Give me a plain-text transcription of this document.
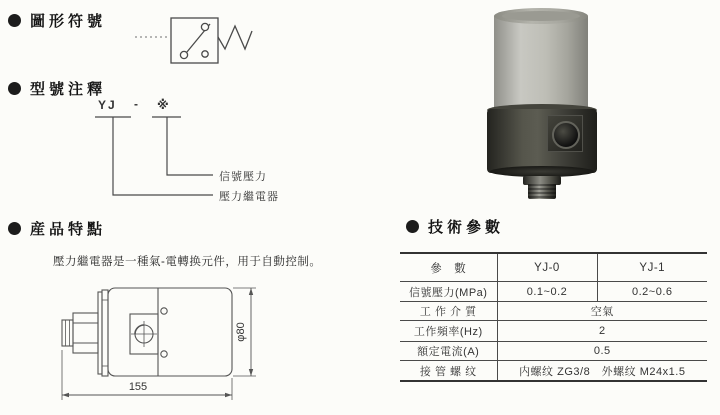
圖形符號
型號注釋
YJ - ※
信號壓力
壓力繼電器
産品特點
壓力繼電器是一種氣-電轉换元件，用于自動控制。
155
φ80
技術參數
參　數	YJ-0	YJ-1
信號壓力(MPa)	0.1~0.2	0.2~0.6
工 作 介 質	空氣	
工作頻率(Hz)	2	
額定電流(A)	0.5	
接 管 螺 纹	内螺纹 ZG3/8　外螺纹 M24x1.5	
